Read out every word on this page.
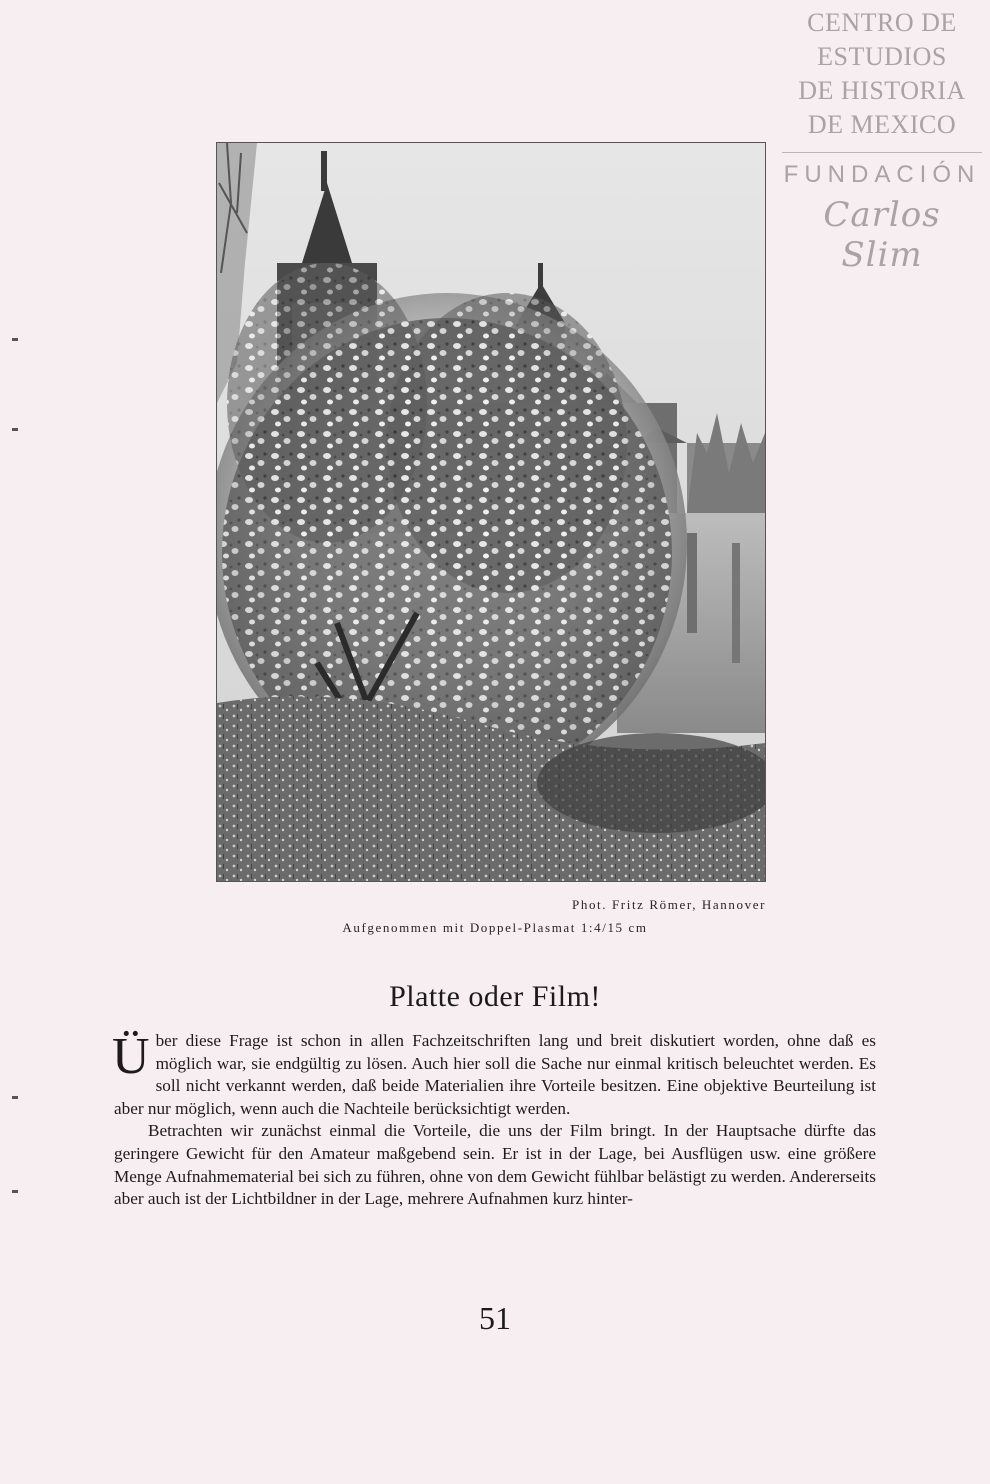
CENTRO DE
ESTUDIOS
DE HISTORIA
DE MEXICO
FUNDACIÓN
Carlos Slim
Phot. Fritz Römer, Hannover
Aufgenommen mit Doppel-Plasmat 1:4/15 cm
Platte oder Film!

Über diese Frage ist schon in allen Fachzeitschriften lang und breit diskutiert worden, ohne daß es möglich war, sie endgültig zu lösen. Auch hier soll die Sache nur einmal kritisch beleuchtet werden. Es soll nicht verkannt werden, daß beide Materialien ihre Vorteile besitzen. Eine objektive Beurteilung ist aber nur möglich, wenn auch die Nachteile berücksichtigt werden.

Betrachten wir zunächst einmal die Vorteile, die uns der Film bringt. In der Hauptsache dürfte das geringere Gewicht für den Amateur maßgebend sein. Er ist in der Lage, bei Ausflügen usw. eine größere Menge Aufnahmematerial bei sich zu führen, ohne von dem Gewicht fühlbar belästigt zu werden. Andererseits aber auch ist der Lichtbildner in der Lage, mehrere Aufnahmen kurz hinter-

51
